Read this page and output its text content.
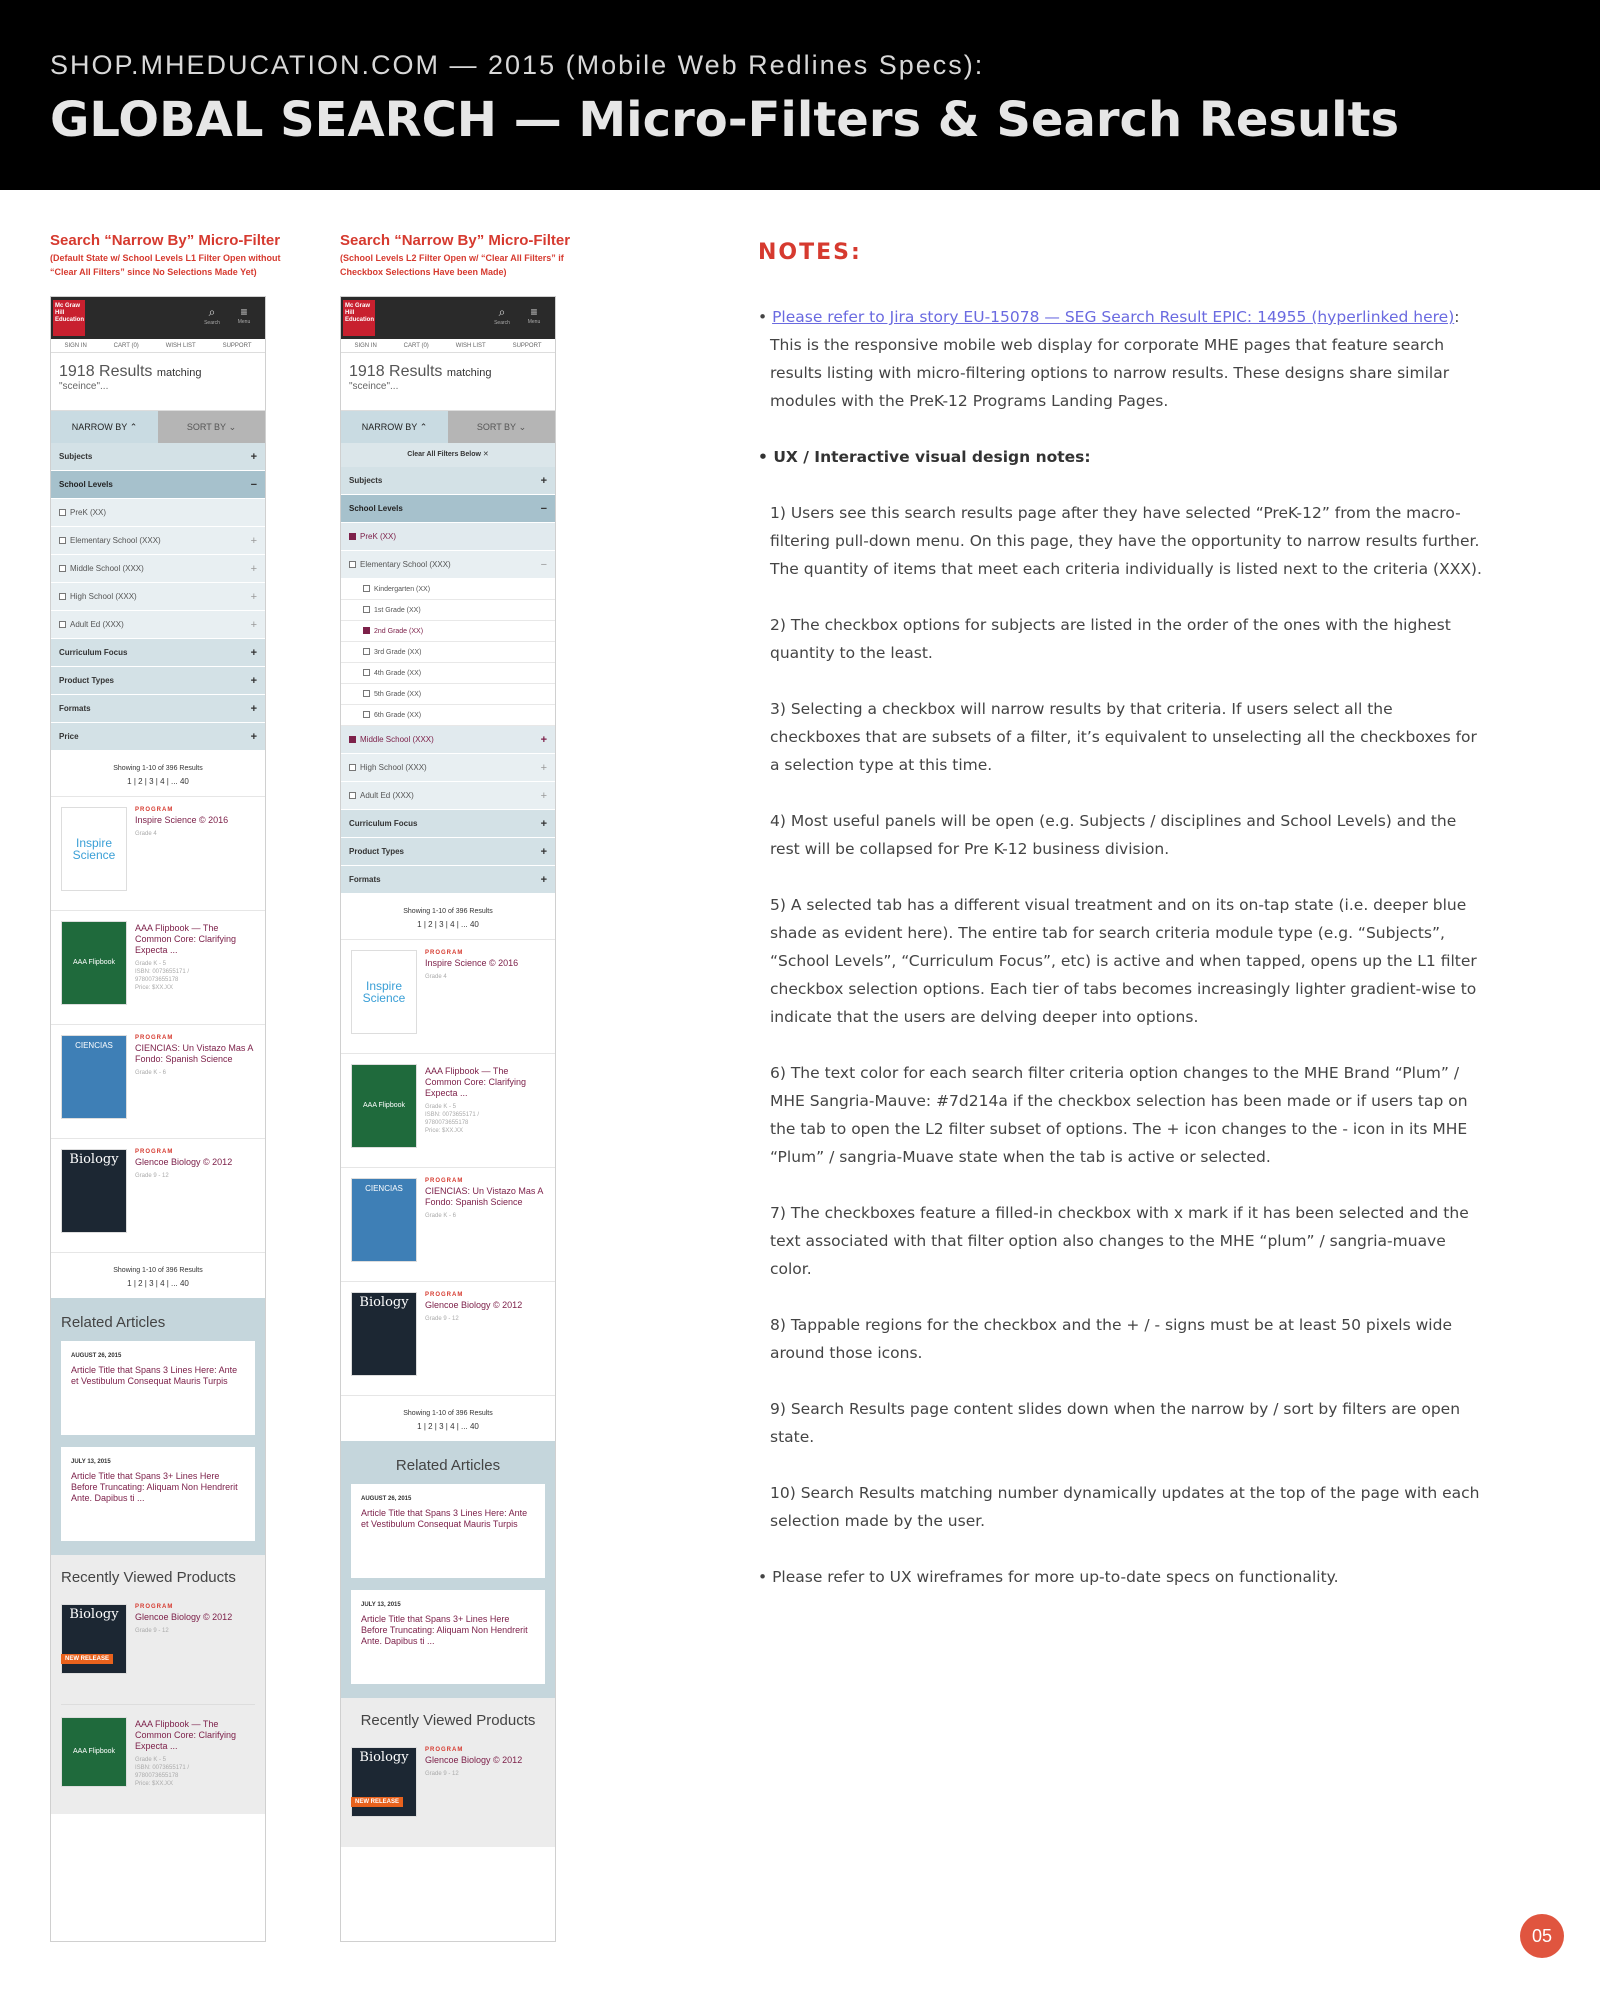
SHOP.MHEDUCATION.COM — 2015 (Mobile Web Redlines Specs):
GLOBAL SEARCH — Micro-Filters & Search Results
Search “Narrow By” Micro-Filter
(Default State w/ School Levels L1 Filter Open without
“Clear All Filters” since No Selections Made Yet)
Search “Narrow By” Micro-Filter
(School Levels L2 Filter Open w/ “Clear All Filters” if
Checkbox Selections Have been Made)
Mc Graw Hill Education
⌕
Search
≡
Menu
SIGN IN	CART (0)	WISH LIST	SUPPORT
1918 Results matching
"sceince"...
NARROW BY ⌃	SORT BY ⌄
Subjects	+
School Levels	−
PreK (XX)
Elementary School (XXX)	+
Middle School (XXX)	+
High School (XXX)	+
Adult Ed (XXX)	+
Curriculum Focus	+
Product Types	+
Formats	+
Price	+
Showing 1-10 of 396 Results
1 | 2 | 3 | 4 | ... 40
Inspire Science
PROGRAM
Inspire Science © 2016
Grade 4
AAA Flipbook
AAA Flipbook — The Common Core: Clarifying Expecta ...
Grade K - 5
ISBN: 0073655171 /
9780073655178
Price: $XX.XX
CIENCIAS
PROGRAM
CIENCIAS: Un Vistazo Mas A Fondo: Spanish Science
Grade K - 6
Biology	PROGRAM
Glencoe Biology © 2012
Grade 9 - 12
Showing 1-10 of 396 Results
1 | 2 | 3 | 4 | ... 40
Related Articles
AUGUST 26, 2015
Article Title that Spans 3 Lines Here: Ante et Vestibulum Consequat Mauris Turpis
JULY 13, 2015
Article Title that Spans 3+ Lines Here Before Truncating: Aliquam Non Hendrerit Ante. Dapibus ti ...
Recently Viewed Products
Biology
NEW RELEASE
PROGRAM
Glencoe Biology © 2012
Grade 9 - 12
AAA Flipbook
AAA Flipbook — The Common Core: Clarifying Expecta ...
Grade K - 5
ISBN: 0073655171 /
9780073655178
Price: $XX.XX
Mc Graw Hill Education
⌕
Search
≡
Menu
SIGN IN	CART (0)	WISH LIST	SUPPORT
1918 Results matching
"sceince"...
NARROW BY ⌃	SORT BY ⌄
Clear All Filters Below ✕
Subjects	+
School Levels	−
PreK (XX)
Elementary School (XXX)	−
Kindergarten (XX)
1st Grade (XX)
2nd Grade (XX)
3rd Grade (XX)
4th Grade (XX)
5th Grade (XX)
6th Grade (XX)
Middle School (XXX)	+
High School (XXX)	+
Adult Ed (XXX)	+
Curriculum Focus	+
Product Types	+
Formats	+
Showing 1-10 of 396 Results
1 | 2 | 3 | 4 | ... 40
Inspire Science
PROGRAM
Inspire Science © 2016
Grade 4
AAA Flipbook
AAA Flipbook — The Common Core: Clarifying Expecta ...
Grade K - 5
ISBN: 0073655171 /
9780073655178
Price: $XX.XX
CIENCIAS
PROGRAM
CIENCIAS: Un Vistazo Mas A Fondo: Spanish Science
Grade K - 6
Biology	PROGRAM
Glencoe Biology © 2012
Grade 9 - 12
Showing 1-10 of 396 Results
1 | 2 | 3 | 4 | ... 40
Related Articles
AUGUST 26, 2015
Article Title that Spans 3 Lines Here: Ante et Vestibulum Consequat Mauris Turpis
JULY 13, 2015
Article Title that Spans 3+ Lines Here Before Truncating: Aliquam Non Hendrerit Ante. Dapibus ti ...
Recently Viewed Products
Biology
NEW RELEASE
PROGRAM
Glencoe Biology © 2012
Grade 9 - 12
NOTES:
• Please refer to Jira story EU-15078 — SEG Search Result EPIC: 14955 (hyperlinked here):
This is the responsive mobile web display for corporate MHE pages that feature search results listing with micro-filtering options to narrow results. These designs share similar modules with the PreK-12 Programs Landing Pages.
• UX / Interactive visual design notes:
1) Users see this search results page after they have selected “PreK-12” from the macro-filtering pull-down menu. On this page, they have the opportunity to narrow results further. The quantity of items that meet each criteria individually is listed next to the criteria (XXX).
2) The checkbox options for subjects are listed in the order of the ones with the highest quantity to the least.
3) Selecting a checkbox will narrow results by that criteria. If users select all the checkboxes that are subsets of a filter, it’s equivalent to unselecting all the checkboxes for a selection type at this time.
4) Most useful panels will be open (e.g. Subjects / disciplines and School Levels) and the rest will be collapsed for Pre K-12 business division.
5) A selected tab has a different visual treatment and on its on-tap state (i.e. deeper blue shade as evident here). The entire tab for search criteria module type (e.g. “Subjects”, “School Levels”, “Curriculum Focus”, etc) is active and when tapped, opens up the L1 filter checkbox selection options. Each tier of tabs becomes increasingly lighter gradient-wise to indicate that the users are delving deeper into options.
6) The text color for each search filter criteria option changes to the MHE Brand “Plum” / MHE Sangria-Mauve: #7d214a if the checkbox selection has been made or if users tap on the tab to open the L2 filter subset of options. The + icon changes to the - icon in its MHE “Plum” / sangria-Muave state when the tab is active or selected.
7) The checkboxes feature a filled-in checkbox with x mark if it has been selected and the text associated with that filter option also changes to the MHE “plum” / sangria-muave color.
8) Tappable regions for the checkbox and the + / - signs must be at least 50 pixels wide around those icons.
9) Search Results page content slides down when the narrow by / sort by filters are open state.
10) Search Results matching number dynamically updates at the top of the page with each selection made by the user.
• Please refer to UX wireframes for more up-to-date specs on functionality.
05
